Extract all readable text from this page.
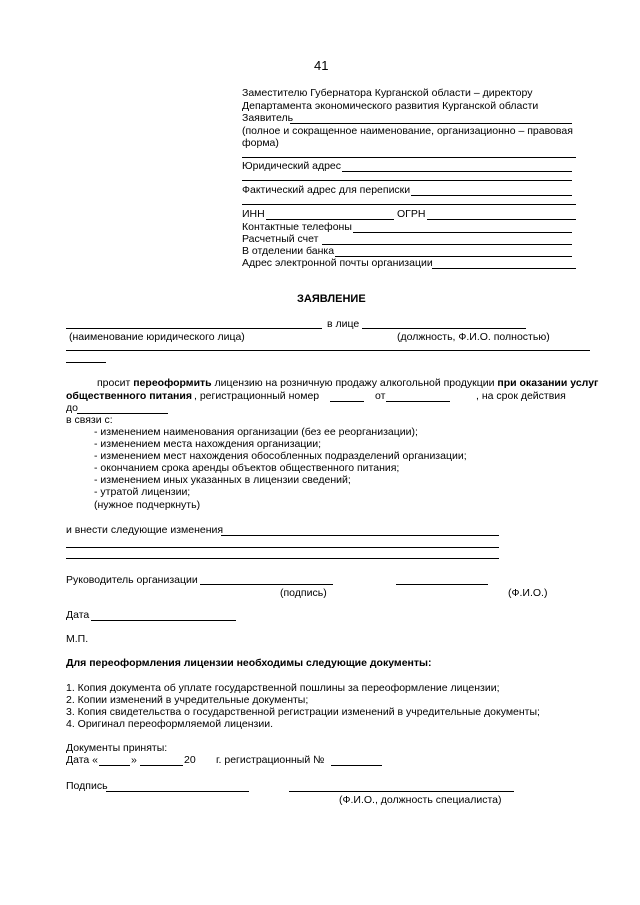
41
Заместителю Губернатора Курганской области – директору
Департамента экономического развития Курганской области
Заявитель
(полное и сокращенное наименование, организационно – правовая
форма)
Юридический адрес
Фактический адрес для переписки
ИНН	ОГРН
Контактные телефоны
Расчетный счет
В отделении банка
Адрес электронной почты организации
ЗАЯВЛЕНИЕ
в лице
(наименование юридического лица)	(должность, Ф.И.О. полностью)
просит переоформить лицензию на розничную продажу алкогольной продукции при оказании услуг
общественного питания , регистрационный номер	от	, на срок действия
до
в связи с:
- изменением наименования организации (без ее реорганизации);
- изменением места нахождения организации;
- изменением мест нахождения обособленных подразделений организации;
- окончанием срока аренды объектов общественного питания;
- изменением иных указанных в лицензии сведений;
- утратой лицензии;
(нужное подчеркнуть)
и внести следующие изменения
Руководитель организации
(подпись)	(Ф.И.О.)
Дата
М.П.
Для переоформления лицензии необходимы следующие документы:
1. Копия документа об уплате государственной пошлины за переоформление лицензии;
2. Копии изменений в учредительные документы;
3. Копия свидетельства о государственной регистрации изменений в учредительные документы;
4. Оригинал переоформляемой лицензии.
Документы приняты:
Дата «	»	20 г. регистрационный №
Подпись
(Ф.И.О., должность специалиста)
